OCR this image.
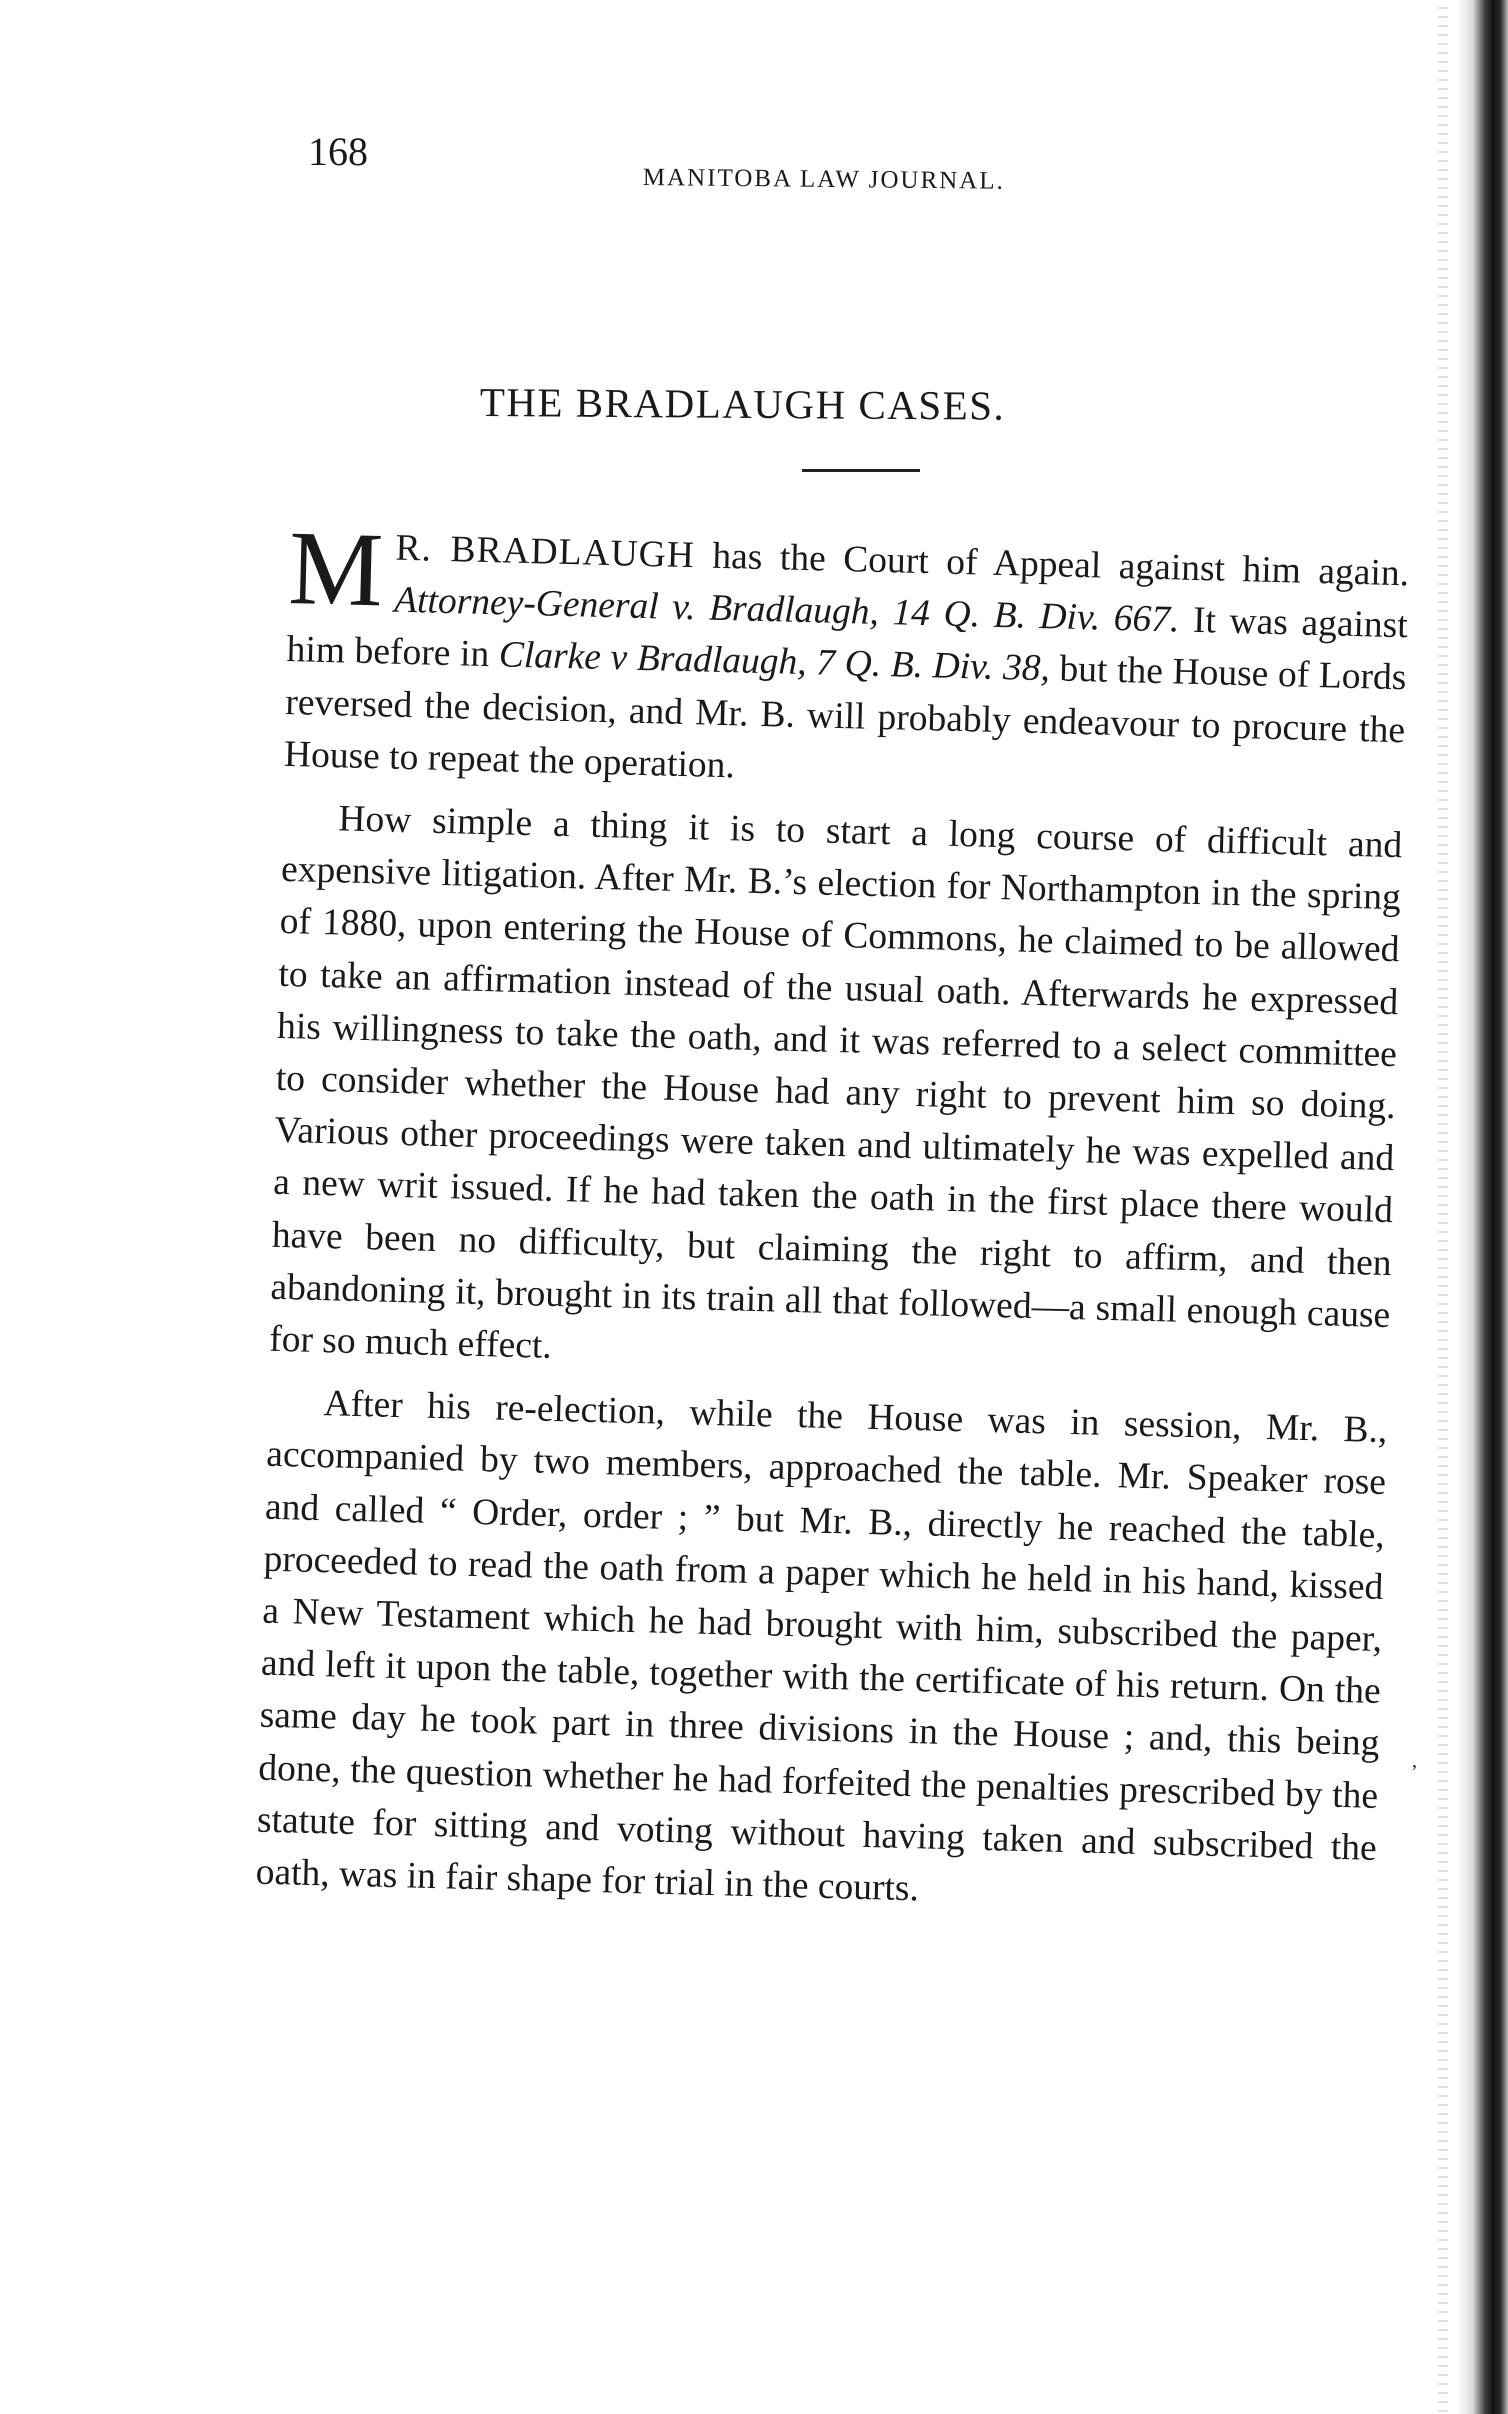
168
MANITOBA LAW JOURNAL.
THE BRADLAUGH CASES.

M R. BRADLAUGH has the Court of Appeal against him again. Attorney-General v. Bradlaugh, 14 Q. B. Div. 667. It was against him before in Clarke v Bradlaugh, 7 Q. B. Div. 38, but the House of Lords reversed the decision, and Mr. B. will probably endeavour to procure the House to repeat the operation.

How simple a thing it is to start a long course of difficult and expensive litigation. After Mr. B.’s election for Northampton in the spring of 1880, upon entering the House of Commons, he claimed to be allowed to take an affirmation instead of the usual oath. Afterwards he expressed his willingness to take the oath, and it was referred to a select committee to consider whether the House had any right to prevent him so doing. Various other proceedings were taken and ultimately he was expelled and a new writ issued. If he had taken the oath in the first place there would have been no difficulty, but claiming the right to affirm, and then abandoning it, brought in its train all that followed—a small enough cause for so much effect.

After his re-election, while the House was in session, Mr. B., accompanied by two members, approached the table. Mr. Speaker rose and called “ Order, order ; ” but Mr. B., directly he reached the table, proceeded to read the oath from a paper which he held in his hand, kissed a New Testament which he had brought with him, subscribed the paper, and left it upon the table, together with the certificate of his return. On the same day he took part in three divisions in the House ; and, this being done, the question whether he had forfeited the penalties prescribed by the statute for sitting and voting without having taken and subscribed the oath, was in fair shape for trial in the courts.

,
